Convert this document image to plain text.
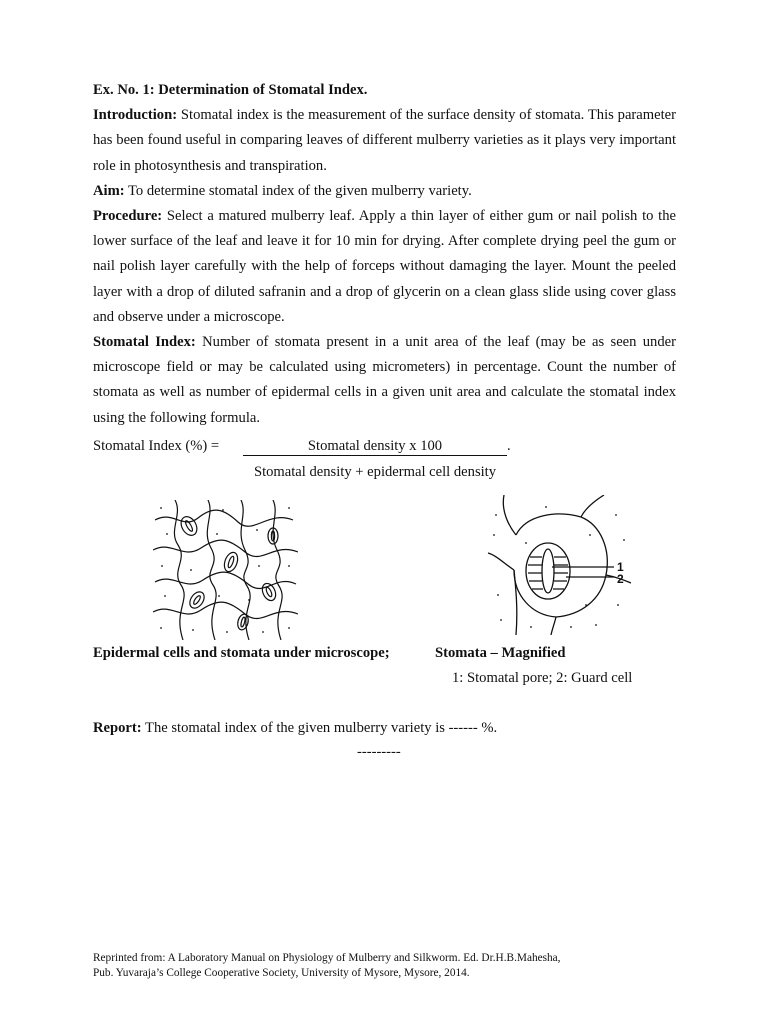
Ex. No. 1: Determination of Stomatal Index.

Introduction: Stomatal index is the measurement of the surface density of stomata. This parameter has been found useful in comparing leaves of different mulberry varieties as it plays very important role in photosynthesis and transpiration.

Aim: To determine stomatal index of the given mulberry variety.

Procedure: Select a matured mulberry leaf. Apply a thin layer of either gum or nail polish to the lower surface of the leaf and leave it for 10 min for drying. After complete drying peel the gum or nail polish layer carefully with the help of forceps without damaging the layer. Mount the peeled layer with a drop of diluted safranin and a drop of glycerin on a clean glass slide using cover glass and observe under a microscope.

Stomatal Index: Number of stomata present in a unit area of the leaf (may be as seen under microscope field or may be calculated using micrometers) in percentage. Count the number of stomata as well as number of epidermal cells in a given unit area and calculate the stomatal index using the following formula.

Stomatal Index (%) =	Stomatal density x 100	.
Stomatal density + epidermal cell density
1
2
Epidermal cells and stomata under microscope;	Stomata – Magnified
1: Stomatal pore; 2: Guard cell
Report: The stomatal index of the given mulberry variety is ------ %.
---------
Reprinted from: A Laboratory Manual on Physiology of Mulberry and Silkworm. Ed. Dr.H.B.Mahesha,
Pub. Yuvaraja’s College Cooperative Society, University of Mysore, Mysore, 2014.
